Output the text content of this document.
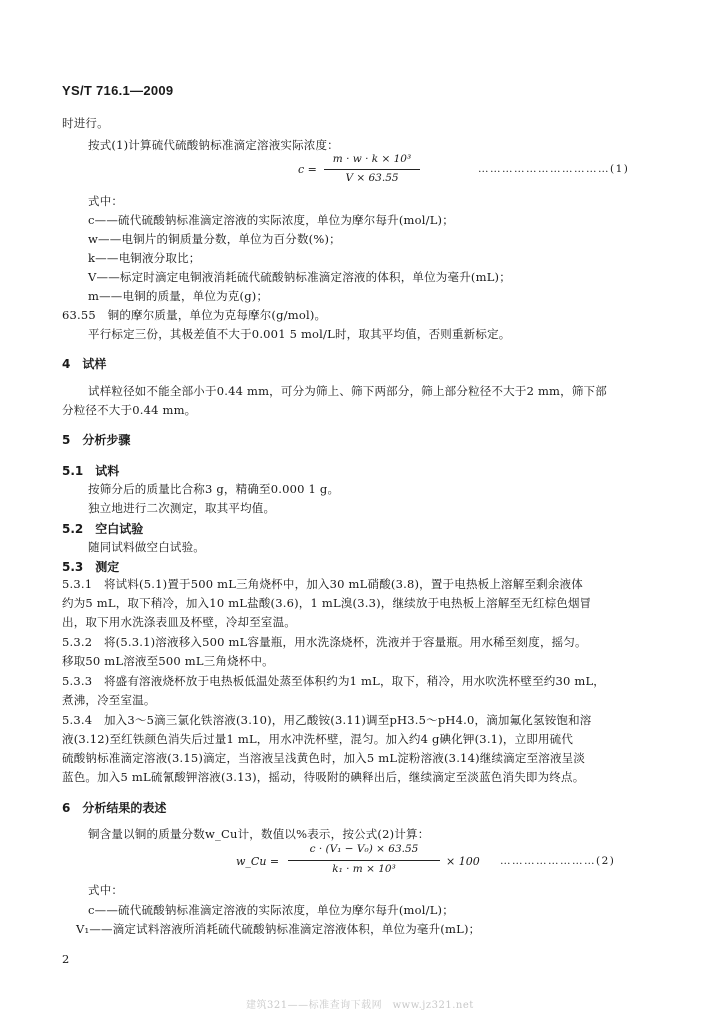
YS/T 716.1—2009
时进行。
按式(1)计算硫代硫酸钠标准滴定溶液实际浓度：
c =
m · w · k × 10³
V × 63.55
……………………………(1)
式中：
c——硫代硫酸钠标准滴定溶液的实际浓度，单位为摩尔每升(mol/L)；
w——电铜片的铜质量分数，单位为百分数(%)；
k——电铜液分取比；
V——标定时滴定电铜液消耗硫代硫酸钠标准滴定溶液的体积，单位为毫升(mL)；
m——电铜的质量，单位为克(g)；
63.55　铜的摩尔质量，单位为克每摩尔(g/mol)。
平行标定三份，其极差值不大于0.001 5 mol/L时，取其平均值，否则重新标定。
4　试样
试样粒径如不能全部小于0.44 mm，可分为筛上、筛下两部分，筛上部分粒径不大于2 mm，筛下部
分粒径不大于0.44 mm。
5　分析步骤
5.1　试料
按筛分后的质量比合称3 g，精确至0.000 1 g。
独立地进行二次测定，取其平均值。
5.2　空白试验
随同试料做空白试验。
5.3　测定
5.3.1　将试料(5.1)置于500 mL三角烧杯中，加入30 mL硝酸(3.8)，置于电热板上溶解至剩余液体
约为5 mL，取下稍冷，加入10 mL盐酸(3.6)，1 mL溴(3.3)，继续放于电热板上溶解至无红棕色烟冒
出，取下用水洗涤表皿及杯壁，冷却至室温。
5.3.2　将(5.3.1)溶液移入500 mL容量瓶，用水洗涤烧杯，洗液并于容量瓶。用水稀至刻度，摇匀。
移取50 mL溶液至500 mL三角烧杯中。
5.3.3　将盛有溶液烧杯放于电热板低温处蒸至体积约为1 mL，取下，稍冷，用水吹洗杯壁至约30 mL，
煮沸，冷至室温。
5.3.4　加入3～5滴三氯化铁溶液(3.10)，用乙酸铵(3.11)调至pH3.5～pH4.0，滴加氟化氢铵饱和溶
液(3.12)至红铁颜色消失后过量1 mL，用水冲洗杯壁，混匀。加入约4 g碘化钾(3.1)，立即用硫代
硫酸钠标准滴定溶液(3.15)滴定，当溶液呈浅黄色时，加入5 mL淀粉溶液(3.14)继续滴定至溶液呈淡
蓝色。加入5 mL硫氰酸钾溶液(3.13)，摇动，待吸附的碘释出后，继续滴定至淡蓝色消失即为终点。
6　分析结果的表述
铜含量以铜的质量分数w_Cu计，数值以%表示，按公式(2)计算：
w_Cu =
c · (V₁ − V₀) × 63.55
k₁ · m × 10³
× 100 ……………………(2)
式中：
c——硫代硫酸钠标准滴定溶液的实际浓度，单位为摩尔每升(mol/L)；
V₁——滴定试料溶液所消耗硫代硫酸钠标准滴定溶液体积，单位为毫升(mL)；
2
建筑321——标准查询下载网　www.jz321.net
